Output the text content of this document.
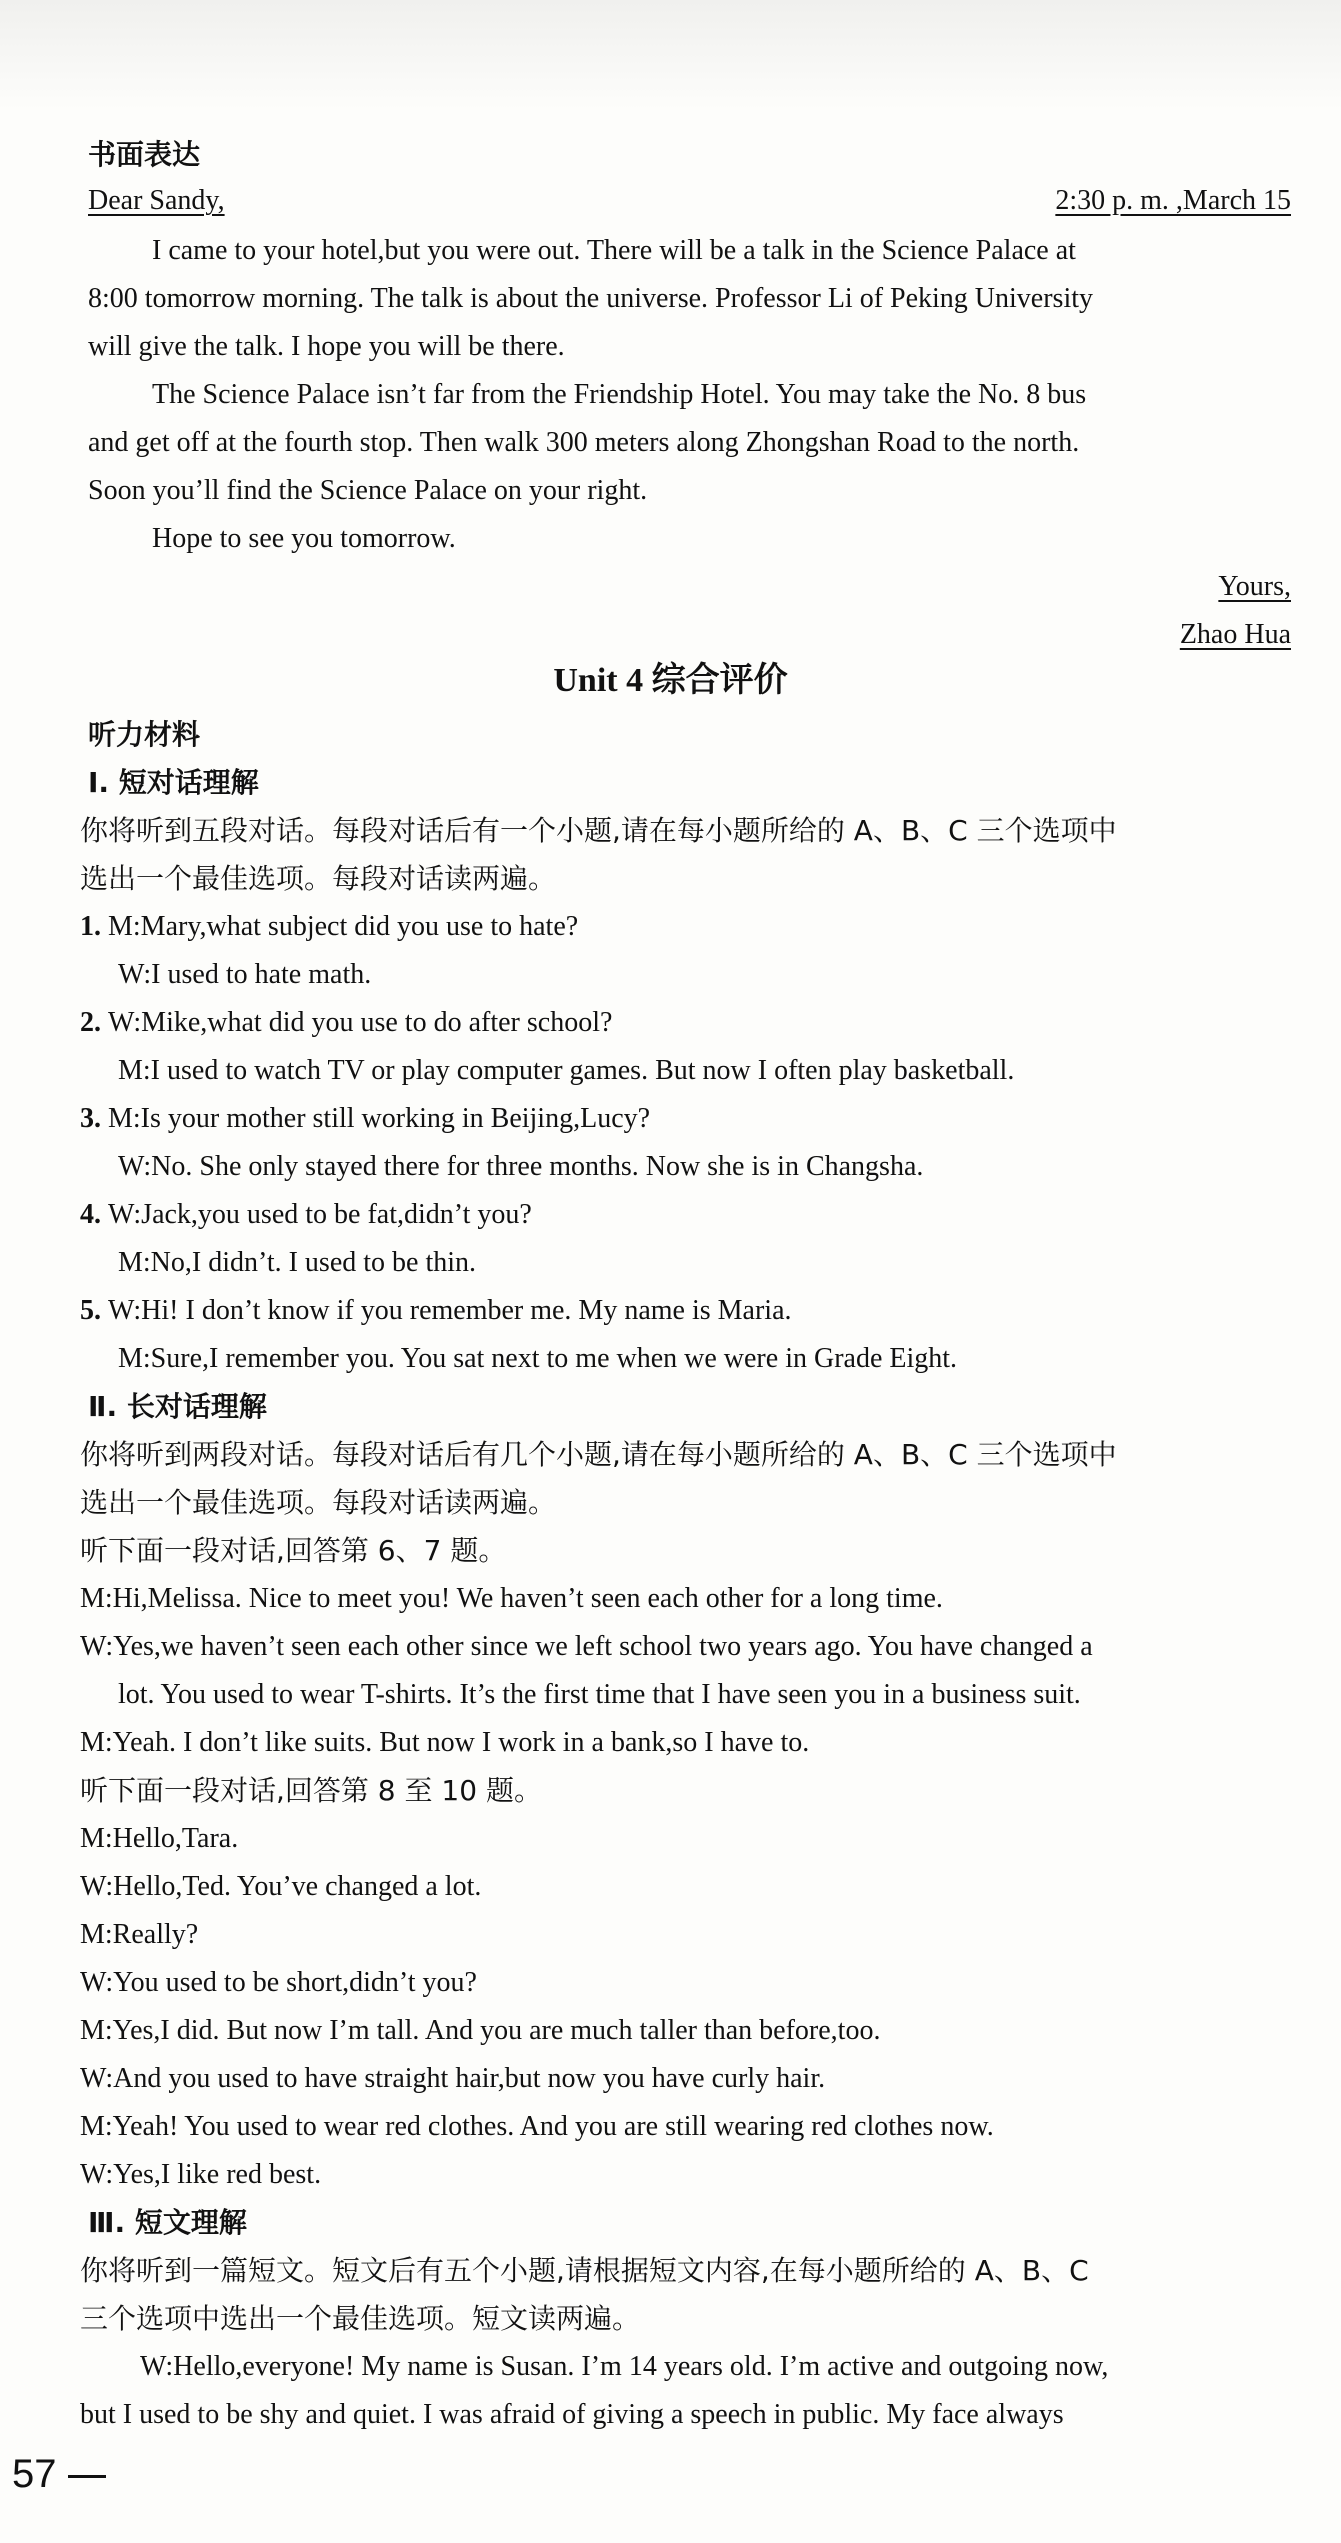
书面表达
Dear Sandy,	2:30 p. m. ,March 15
I came to your hotel,but you were out. There will be a talk in the Science Palace at
8:00 tomorrow morning. The talk is about the universe. Professor Li of Peking University
will give the talk. I hope you will be there.
The Science Palace isn’t far from the Friendship Hotel. You may take the No. 8 bus
and get off at the fourth stop. Then walk 300 meters along Zhongshan Road to the north.
Soon you’ll find the Science Palace on your right.
Hope to see you tomorrow.
Yours,
Zhao Hua
Unit 4 综合评价
听力材料
Ⅰ. 短对话理解
你将听到五段对话。每段对话后有一个小题,请在每小题所给的 A、B、C 三个选项中
选出一个最佳选项。每段对话读两遍。
1. M:Mary,what subject did you use to hate?
W:I used to hate math.
2. W:Mike,what did you use to do after school?
M:I used to watch TV or play computer games. But now I often play basketball.
3. M:Is your mother still working in Beijing,Lucy?
W:No. She only stayed there for three months. Now she is in Changsha.
4. W:Jack,you used to be fat,didn’t you?
M:No,I didn’t. I used to be thin.
5. W:Hi! I don’t know if you remember me. My name is Maria.
M:Sure,I remember you. You sat next to me when we were in Grade Eight.
Ⅱ. 长对话理解
你将听到两段对话。每段对话后有几个小题,请在每小题所给的 A、B、C 三个选项中
选出一个最佳选项。每段对话读两遍。
听下面一段对话,回答第 6、7 题。
M:Hi,Melissa. Nice to meet you! We haven’t seen each other for a long time.
W:Yes,we haven’t seen each other since we left school two years ago. You have changed a
lot. You used to wear T-shirts. It’s the first time that I have seen you in a business suit.
M:Yeah. I don’t like suits. But now I work in a bank,so I have to.
听下面一段对话,回答第 8 至 10 题。
M:Hello,Tara.
W:Hello,Ted. You’ve changed a lot.
M:Really?
W:You used to be short,didn’t you?
M:Yes,I did. But now I’m tall. And you are much taller than before,too.
W:And you used to have straight hair,but now you have curly hair.
M:Yeah! You used to wear red clothes. And you are still wearing red clothes now.
W:Yes,I like red best.
Ⅲ. 短文理解
你将听到一篇短文。短文后有五个小题,请根据短文内容,在每小题所给的 A、B、C
三个选项中选出一个最佳选项。短文读两遍。
W:Hello,everyone! My name is Susan. I’m 14 years old. I’m active and outgoing now,
but I used to be shy and quiet. I was afraid of giving a speech in public. My face always
57
